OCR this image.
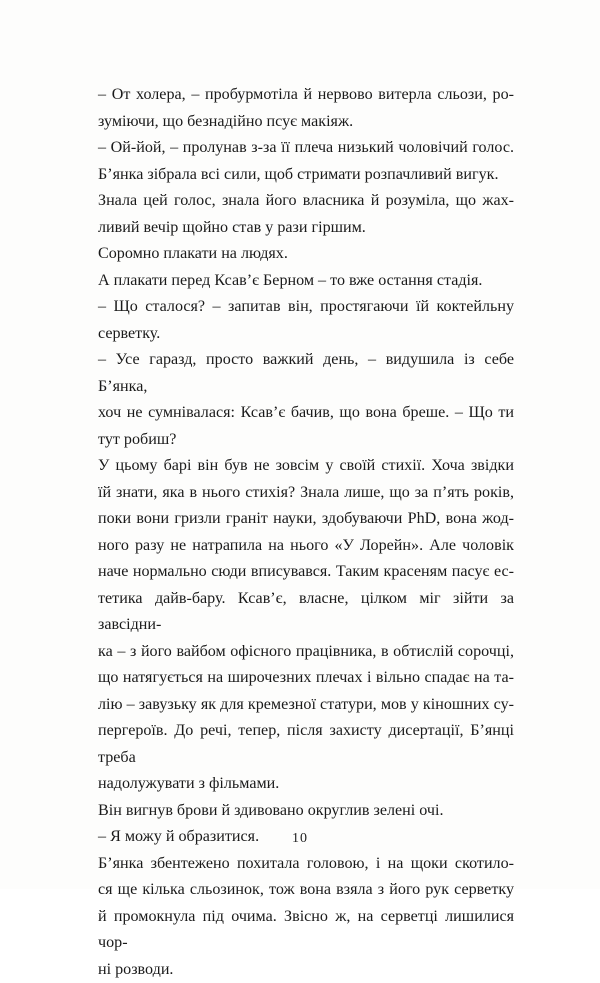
– От холера, – пробурмотіла й нервово витерла сльози, ро-
зуміючи, що безнадійно псує макіяж.
– Ой-йой, – пролунав з-за її плеча низький чоловічий голос.
Бʼянка зібрала всі сили, щоб стримати розпачливий вигук.
Знала цей голос, знала його власника й розуміла, що жах-
ливий вечір щойно став у рази гіршим.
Соромно плакати на людях.
А плакати перед Ксавʼє Берном – то вже остання стадія.
– Що сталося? – запитав він, простягаючи їй коктейльну
серветку.
– Усе гаразд, просто важкий день, – видушила із себе Бʼянка,
хоч не сумнівалася: Ксавʼє бачив, що вона бреше. – Що ти
тут робиш?
У цьому барі він був не зовсім у своїй стихії. Хоча звідки
їй знати, яка в нього стихія? Знала лише, що за пʼять років,
поки вони гризли граніт науки, здобуваючи PhD, вона жод-
ного разу не натрапила на нього «У Лорейн». Але чоловік
наче нормально сюди вписувався. Таким красеням пасує ес-
тетика дайв-бару. Ксавʼє, власне, цілком міг зійти за завсідни-
ка – з його вайбом офісного працівника, в обтислій сорочці,
що натягується на широчезних плечах і вільно спадає на та-
лію – завузьку як для кремезної статури, мов у кіношних су-
пергероїв. До речі, тепер, після захисту дисертації, Бʼянці треба
надолужувати з фільмами.
Він вигнув брови й здивовано округлив зелені очі.
– Я можу й образитися.
Бʼянка збентежено похитала головою, і на щоки скотило-
ся ще кілька сльозинок, тож вона взяла з його рук серветку
й промокнула під очима. Звісно ж, на серветці лишилися чор-
ні розводи.
10
